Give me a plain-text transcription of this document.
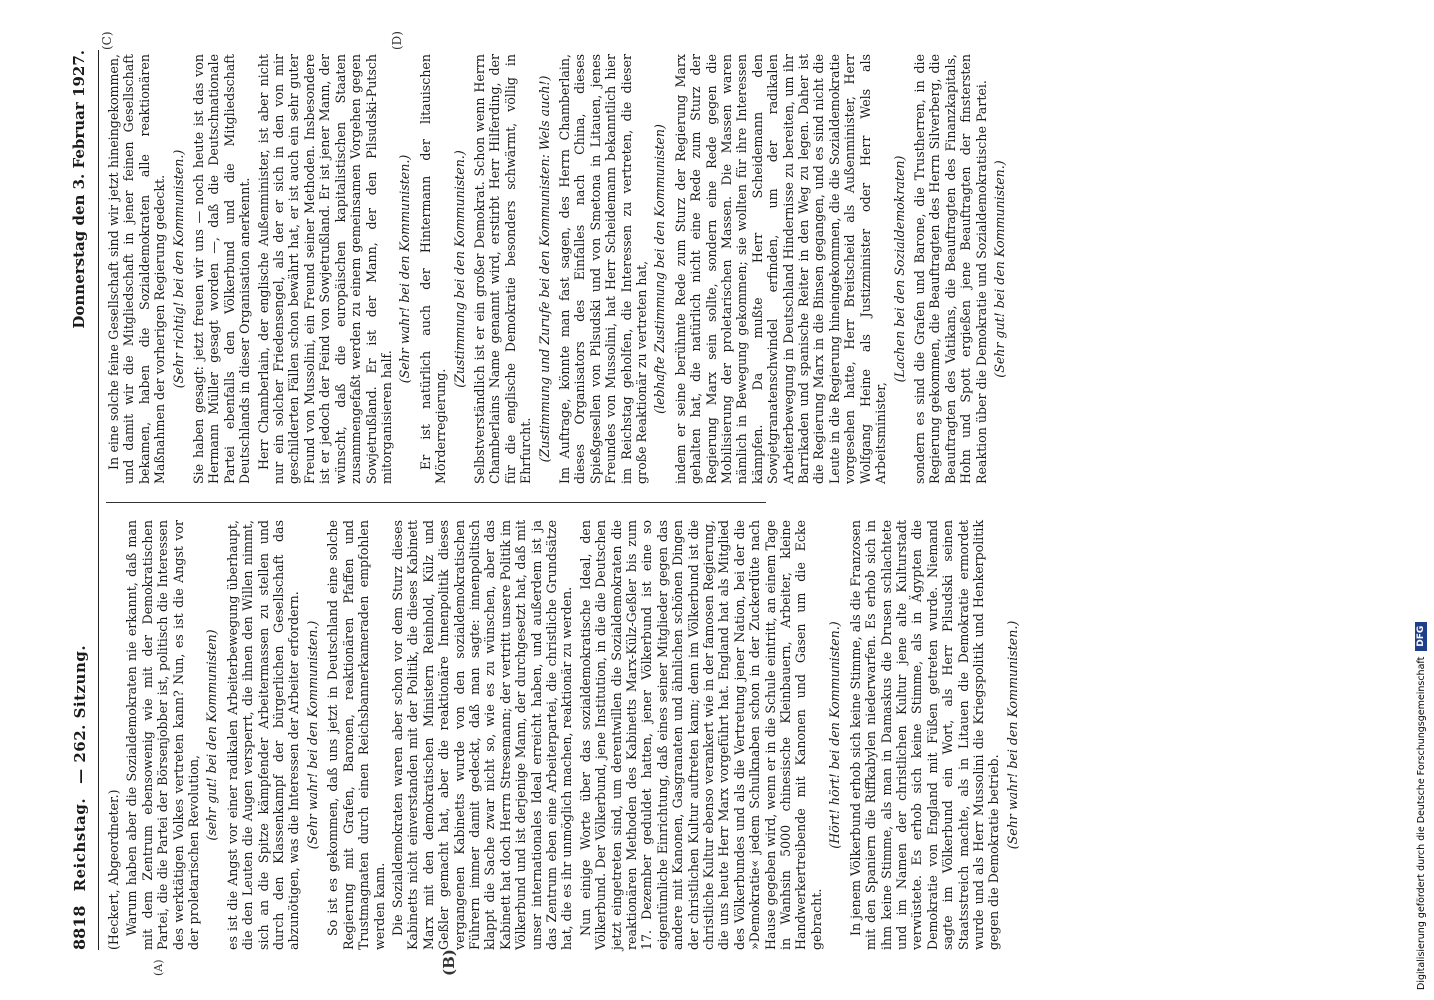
8818
Reichstag.
— 262. Sitzung.
Donnerstag den 3. Februar 1927.
(A)	(B)
(C)	(D)

(Heckert, Abgeordneter.) Warum haben aber die Sozialdemokraten nie erkannt, daß man mit dem Zentrum ebensowenig wie mit der Demokratischen Partei, die die Partei der Börsenjobber ist, politisch die Interessen des werktätigen Volkes vertreten kann? Nun, es ist die Angst vor der proletarischen Revolution,

(sehr gut! bei den Kommunisten) es ist die Angst vor einer radikalen Arbeiterbewegung überhaupt, die den Leuten die Augen versperrt, die ihnen den Willen nimmt, sich an die Spitze kämpfender Arbeitermassen zu stellen und durch den Klassenkampf der bürgerlichen Gesellschaft das abzunötigen, was die Interessen der Arbeiter erfordern. (Sehr wahr! bei den Kommunisten.) So ist es gekommen, daß uns jetzt in Deutschland eine solche Regierung mit Grafen, Baronen, reaktionären Pfaffen und Trustmagnaten durch einen Reichsbannerkameraden empfohlen werden kann. Die Sozialdemokraten waren aber schon vor dem Sturz dieses Kabinetts nicht einverstanden mit der Politik, die dieses Kabinett Marx mit den demokratischen Ministern Reinhold, Külz und Geßler gemacht hat, aber die reaktionäre Innenpolitik dieses vergangenen Kabinetts wurde von den sozialdemokratischen Führern immer damit gedeckt, daß man sagte: innenpolitisch klappt die Sache zwar nicht so, wie es zu wünschen, aber das Kabinett hat doch Herrn Stresemann; der vertritt unsere Politik im Völkerbund und ist derjenige Mann, der durchgesetzt hat, daß mit unser internationales Ideal erreicht haben, und außerdem ist ja das Zentrum eben eine Arbeiterpartei, die christliche Grundsätze hat, die es ihr unmöglich machen, reaktionär zu werden. Nun einige Worte über das sozialdemokratische Ideal, den Völkerbund. Der Völkerbund, jene Institution, in die die Deutschen jetzt eingetreten sind, um derentwillen die Sozialdemokraten die reaktionären Methoden des Kabinetts Marx-Külz-Geßler bis zum 17. Dezember geduldet hatten, jener Völkerbund ist eine so eigentümliche Einrichtung, daß eines seiner Mitglieder gegen das andere mit Kanonen, Gasgranaten und ähnlichen schönen Dingen der christlichen Kultur auftreten kann; denn im Völkerbund ist die christliche Kultur ebenso verankert wie in der famosen Regierung, die uns heute Herr Marx vorgeführt hat. England hat als Mitglied des Völkerbundes und als die Vertretung jener Nation, bei der die »Demokratie« jedem Schulknaben schon in der Zuckerdüte nach Hause gegeben wird, wenn er in die Schule eintritt, an einem Tage in Wanhsin 5000 chinesische Kleinbauern, Arbeiter, kleine Handwerkertreibende mit Kanonen und Gasen um die Ecke gebracht.

(Hört! hört! bei den Kommunisten.) In jenem Völkerbund erhob sich keine Stimme, als die Franzosen mit den Spaniern die Riffkabylen niederwarfen. Es erhob sich in ihm keine Stimme, als man in Damaskus die Drusen schlachtete und im Namen der christlichen Kultur jene alte Kulturstadt verwüstete. Es erhob sich keine Stimme, als in Ägypten die Demokratie von England mit Füßen getreten wurde. Niemand sagte im Völkerbund ein Wort, als Herr Pilsudski seinen Staatsstreich machte, als in Litauen die Demokratie ermordet wurde und als Herr Mussolini die Kriegspolitik und Henkerpolitik gegen die Demokratie betrieb.

(Sehr wahr! bei den Kommunisten.)

In eine solche feine Gesellschaft sind wir jetzt hineingekommen, und damit wir die Mitgliedschaft in jener feinen Gesellschaft bekamen, haben die Sozialdemokraten alle reaktionären Maßnahmen der vorherigen Regierung gedeckt. (Sehr richtig! bei den Kommunisten.) Sie haben gesagt: jetzt freuen wir uns — noch heute ist das von Hermann Müller gesagt worden —, daß die Deutschnationale Partei ebenfalls den Völkerbund und die Mitgliedschaft Deutschlands in dieser Organisation anerkennt. Herr Chamberlain, der englische Außenminister, ist aber nicht nur ein solcher Friedensengel, als der er sich in den von mir geschilderten Fällen schon bewährt hat, er ist auch ein sehr guter Freund von Mussolini, ein Freund seiner Methoden. Insbesondere ist er jedoch der Feind von Sowjetrußland. Er ist jener Mann, der wünscht, daß die europäischen kapitalistischen Staaten zusammengefaßt werden zu einem gemeinsamen Vorgehen gegen Sowjetrußland. Er ist der Mann, der den Pilsudski-Putsch mitorganisieren half.

(Sehr wahr! bei den Kommunisten.) Er ist natürlich auch der Hintermann der litauischen Mörderregierung.

(Zustimmung bei den Kommunisten.) Selbstverständlich ist er ein großer Demokrat. Schon wenn Herrn Chamberlains Name genannt wird, erstirbt Herr Hilferding, der für die englische Demokratie besonders schwärmt, völlig in Ehrfurcht. (Zustimmung und Zurufe bei den Kommunisten: Wels auch!) Im Auftrage, könnte man fast sagen, des Herrn Chamberlain, dieses Organisators des Einfalles nach China, dieses Spießgesellen von Pilsudski und von Smetona in Litauen, jenes Freundes von Mussolini, hat Herr Scheidemann bekanntlich hier im Reichstag geholfen, die Interessen zu vertreten, die dieser große Reaktionär zu vertreten hat, (lebhafte Zustimmung bei den Kommunisten) indem er seine berühmte Rede zum Sturz der Regierung Marx gehalten hat, die natürlich nicht eine Rede zum Sturz der Regierung Marx sein sollte, sondern eine Rede gegen die Mobilisierung der proletarischen Massen. Die Massen waren nämlich in Bewegung gekommen; sie wollten für ihre Interessen kämpfen. Da mußte Herr Scheidemann den Sowjetgranatenschwindel erfinden, um der radikalen Arbeiterbewegung in Deutschland Hindernisse zu bereiten, um ihr Barrikaden und spanische Reiter in den Weg zu legen. Daher ist die Regierung Marx in die Binsen gegangen, und es sind nicht die Leute in die Regierung hineingekommen, die die Sozialdemokratie vorgesehen hatte, Herr Breitscheid als Außenminister, Herr Wolfgang Heine als Justizminister oder Herr Wels als Arbeitsminister,

(Lachen bei den Sozialdemokraten) sondern es sind die Grafen und Barone, die Trustherren, in die Regierung gekommen, die Beauftragten des Herrn Silverberg, die Beauftragten des Vatikans, die Beauftragten des Finanzkapitals, Hohn und Spott ergießen jene Beauftragten der finstersten Reaktion über die Demokratie und Sozialdemokratische Partei. (Sehr gut! bei den Kommunisten.)

Digitalisierung gefördert durch die Deutsche Forschungsgemeinschaft
DFG
